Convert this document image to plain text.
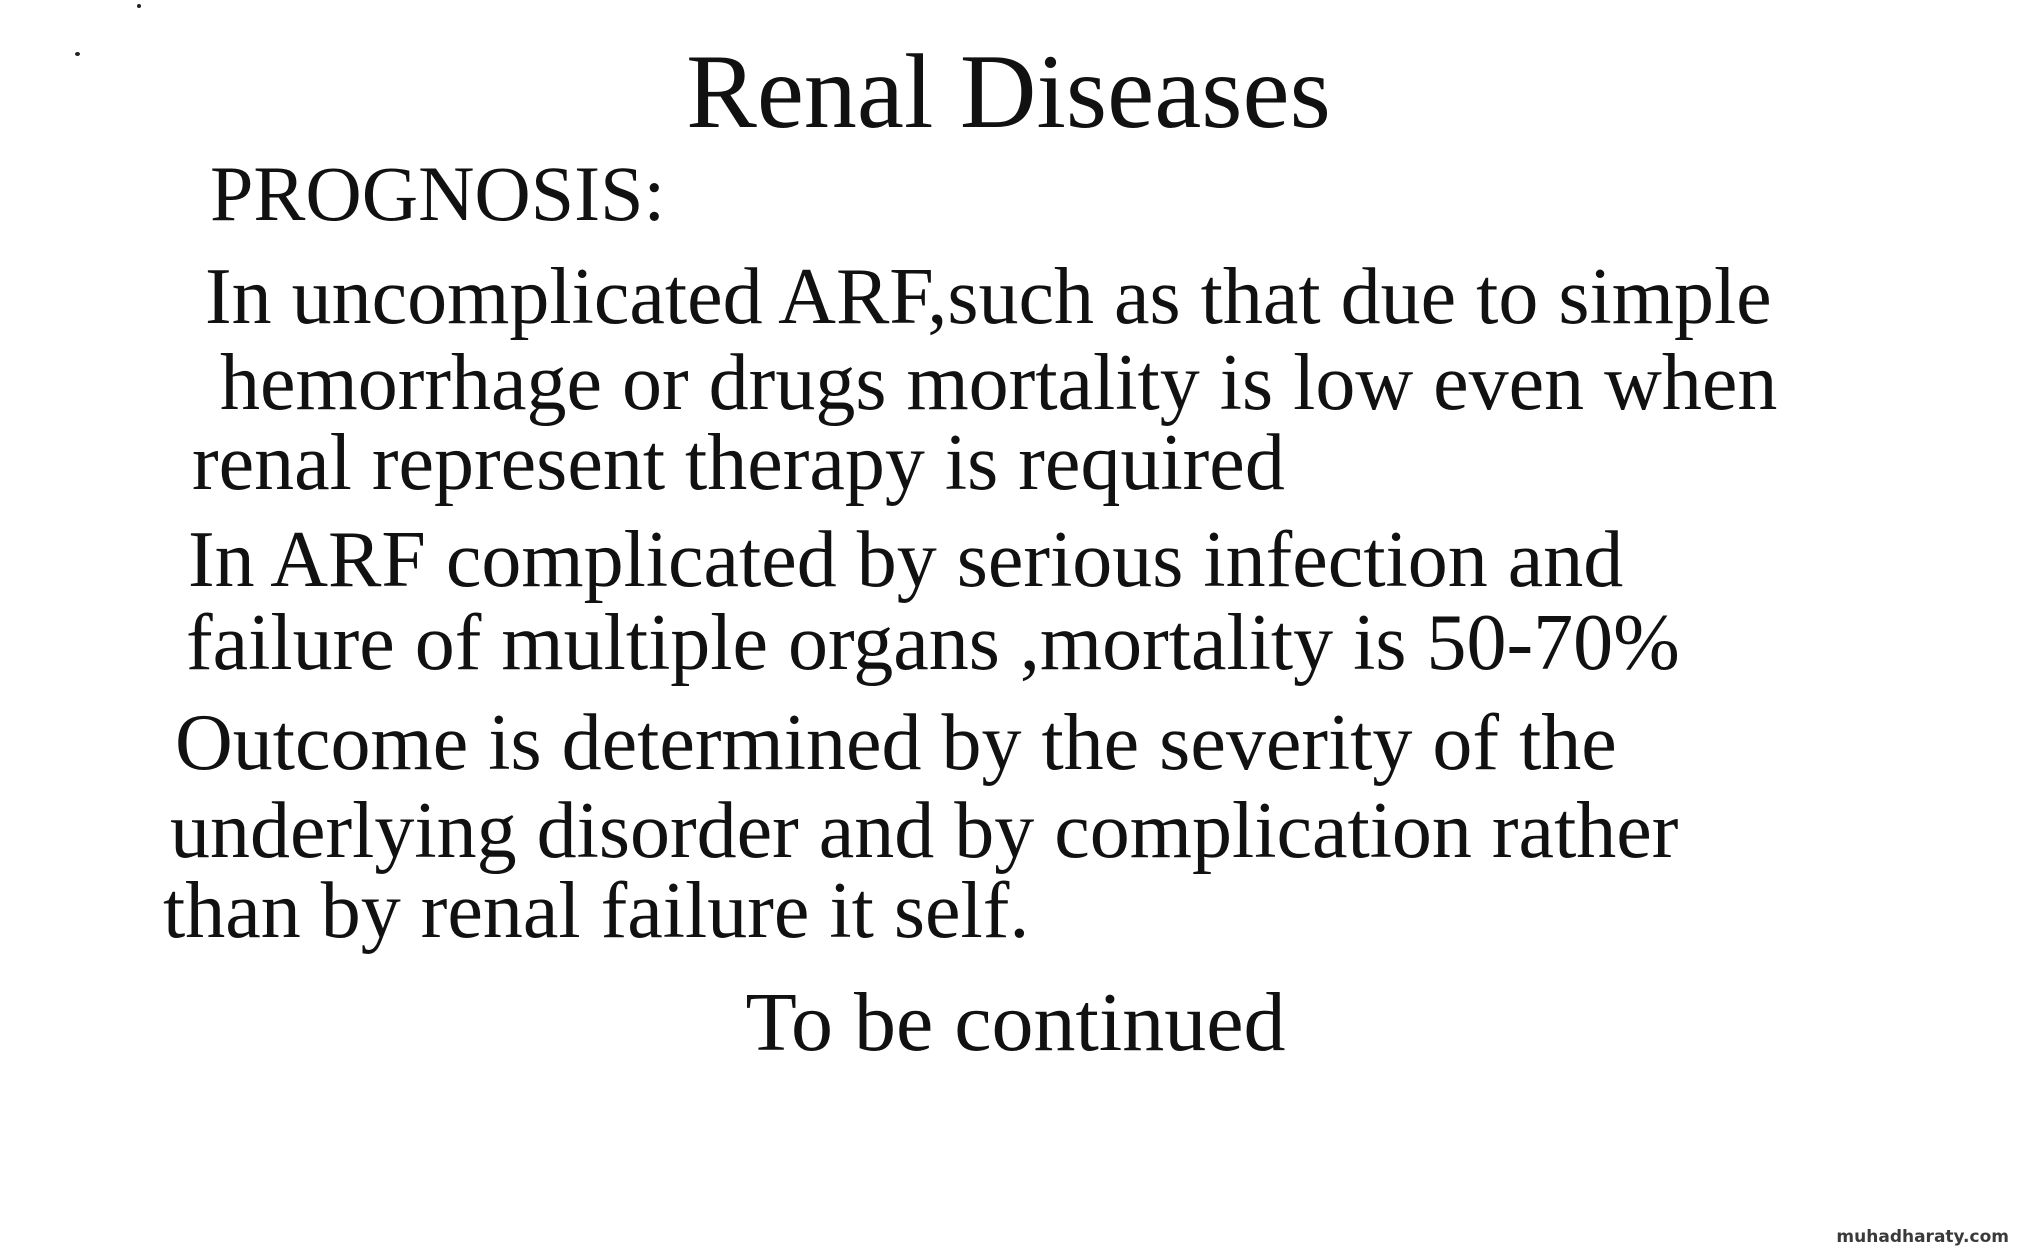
Renal Diseases
PROGNOSIS:
In uncomplicated ARF,such as that due to simple
hemorrhage or drugs mortality is low even when
renal represent therapy is required
In ARF complicated by serious infection and
failure of multiple organs ,mortality is 50-70%
Outcome is determined by the severity of the
underlying disorder and by complication rather
than by renal failure it self.
To be continued
muhadharaty.com
